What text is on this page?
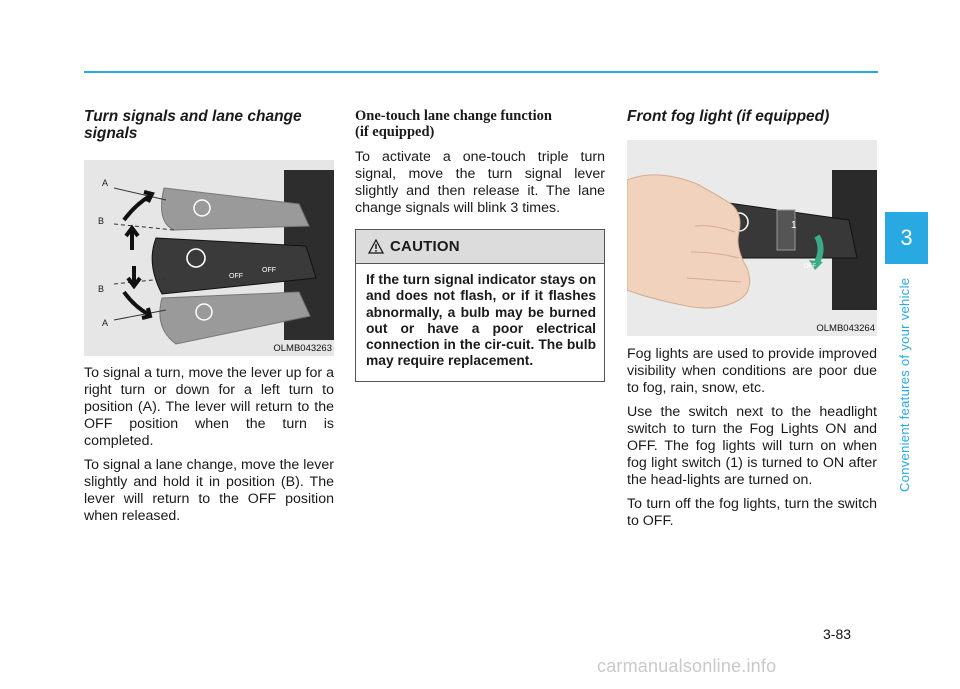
Turn signals and lane change signals
OFF
OFF
A
B
B
A
OLMB043263

To signal a turn, move the lever up for a right turn or down for a left turn to position (A). The lever will return to the OFF position when the turn is completed.

To signal a lane change, move the lever slightly and hold it in position (B). The lever will return to the OFF position when released.

One-touch lane change function
(if equipped)

To activate a one-touch triple turn signal, move the turn signal lever slightly and then release it. The lane change signals will blink 3 times.

CAUTION
If the turn signal indicator stays on and does not flash, or if it flashes abnormally, a bulb may be burned out or have a poor electrical connection in the cir-cuit. The bulb may require replacement.
Front fog light (if equipped)
1
OFF
OLMB043264

Fog lights are used to provide improved visibility when conditions are poor due to fog, rain, snow, etc.

Use the switch next to the headlight switch to turn the Fog Lights ON and OFF. The fog lights will turn on when fog light switch (1) is turned to ON after the head-lights are turned on.

To turn off the fog lights, turn the switch to OFF.

3
Convenient features of your vehicle
3-83
carmanualsonline.info
